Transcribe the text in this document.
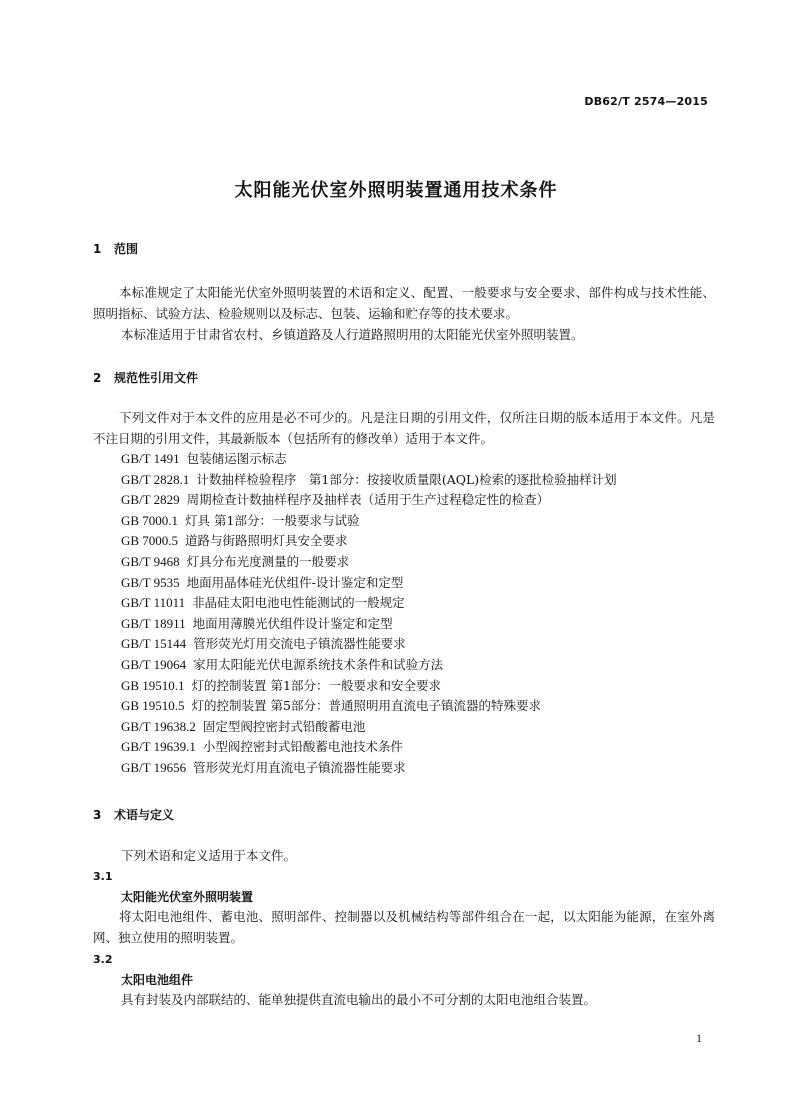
DB62/T 2574—2015
太阳能光伏室外照明装置通用技术条件
1 范围
本标准规定了太阳能光伏室外照明装置的术语和定义、配置、一般要求与安全要求、部件构成与技术性能、照明指标、试验方法、检验规则以及标志、包装、运输和贮存等的技术要求。
本标准适用于甘肃省农村、乡镇道路及人行道路照明用的太阳能光伏室外照明装置。
2 规范性引用文件
下列文件对于本文件的应用是必不可少的。凡是注日期的引用文件，仅所注日期的版本适用于本文件。凡是不注日期的引用文件，其最新版本（包括所有的修改单）适用于本文件。
GB/T 1491 包装储运图示标志
GB/T 2828.1 计数抽样检验程序　第1部分：按接收质量限(AQL)检索的逐批检验抽样计划
GB/T 2829 周期检查计数抽样程序及抽样表（适用于生产过程稳定性的检查）
GB 7000.1 灯具 第1部分：一般要求与试验
GB 7000.5 道路与街路照明灯具安全要求
GB/T 9468 灯具分布光度测量的一般要求
GB/T 9535 地面用晶体硅光伏组件-设计鉴定和定型
GB/T 11011 非晶硅太阳电池电性能测试的一般规定
GB/T 18911 地面用薄膜光伏组件设计鉴定和定型
GB/T 15144 管形荧光灯用交流电子镇流器性能要求
GB/T 19064 家用太阳能光伏电源系统技术条件和试验方法
GB 19510.1 灯的控制装置 第1部分：一般要求和安全要求
GB 19510.5 灯的控制装置 第5部分：普通照明用直流电子镇流器的特殊要求
GB/T 19638.2 固定型阀控密封式铅酸蓄电池
GB/T 19639.1 小型阀控密封式铅酸蓄电池技术条件
GB/T 19656 管形荧光灯用直流电子镇流器性能要求
3 术语与定义
下列术语和定义适用于本文件。
3.1
太阳能光伏室外照明装置
将太阳电池组件、蓄电池、照明部件、控制器以及机械结构等部件组合在一起，以太阳能为能源，在室外离网、独立使用的照明装置。
3.2
太阳电池组件
具有封装及内部联结的、能单独提供直流电输出的最小不可分割的太阳电池组合装置。
1
